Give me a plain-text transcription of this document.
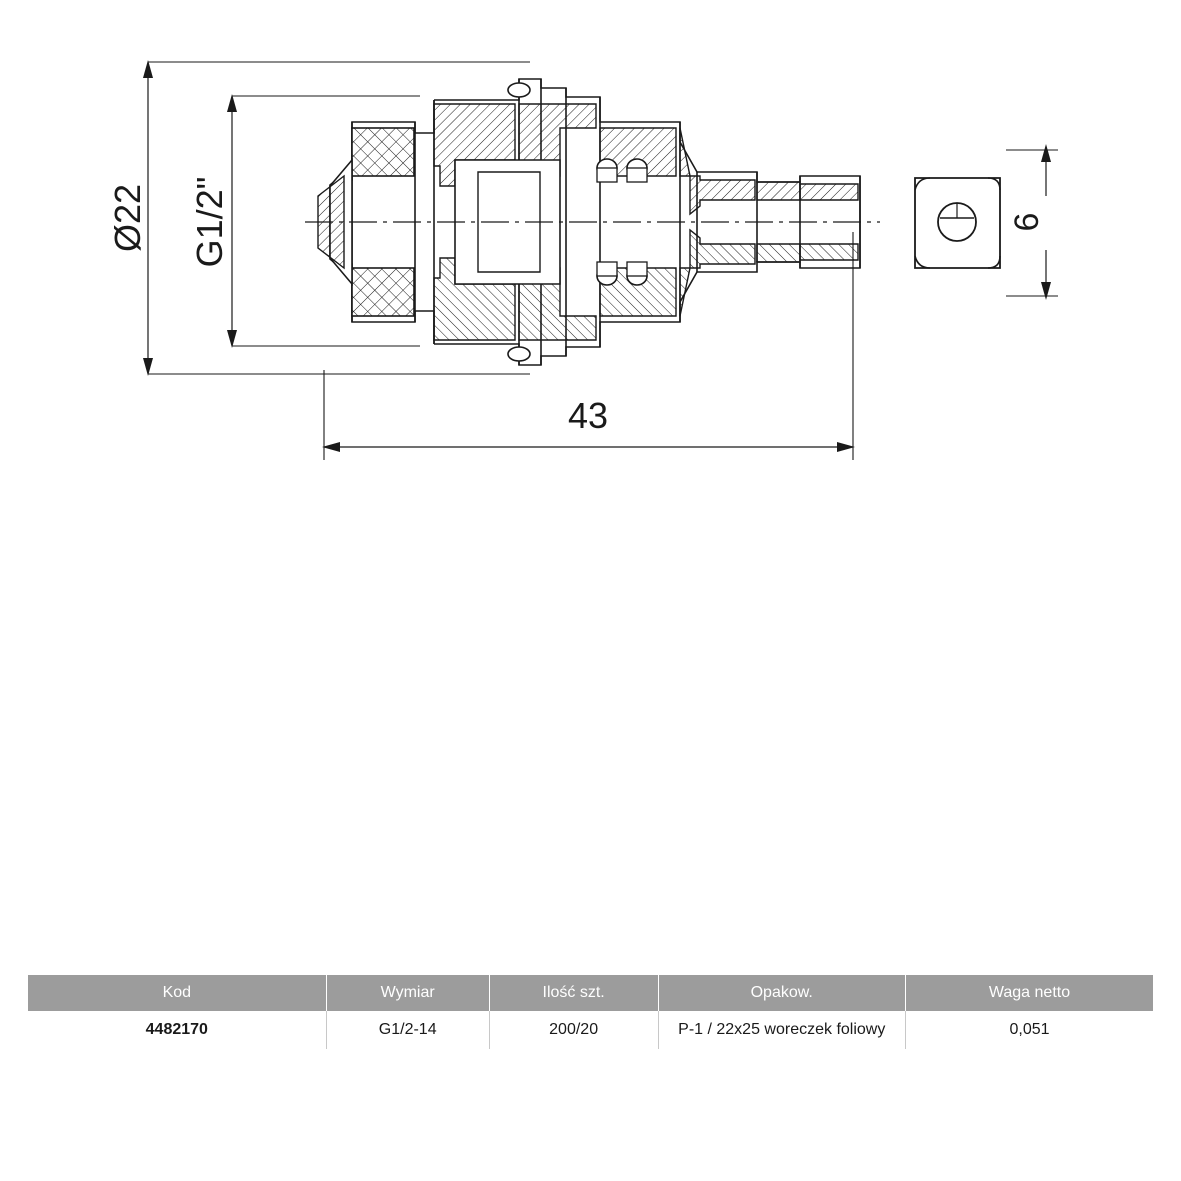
Ø22 G1/2"
43
6
Kod	Wymiar	Ilość szt.	Opakow.	Waga netto
4482170	G1/2-14	200/20	P-1 / 22x25 woreczek foliowy	0,051
